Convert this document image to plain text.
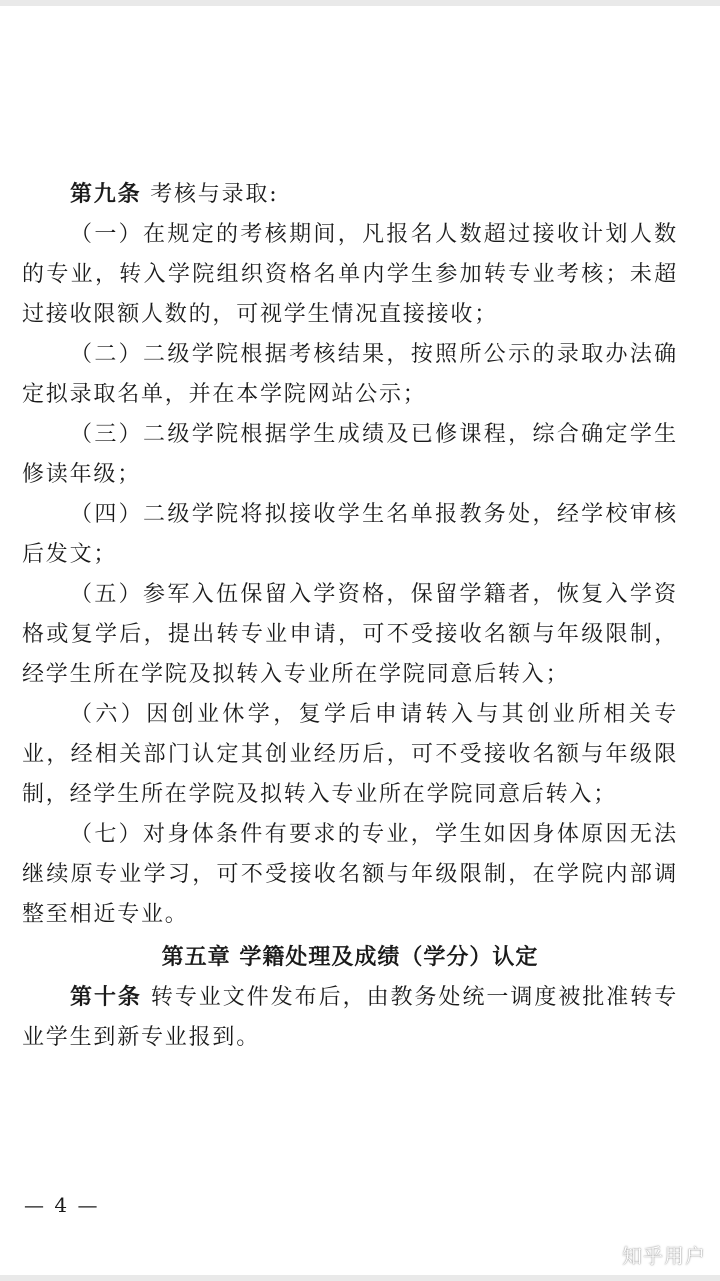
第九条 考核与录取:

（一）在规定的考核期间，凡报名人数超过接收计划人数的专业，转入学院组织资格名单内学生参加转专业考核；未超过接收限额人数的，可视学生情况直接接收；

（二）二级学院根据考核结果，按照所公示的录取办法确定拟录取名单，并在本学院网站公示；

（三）二级学院根据学生成绩及已修课程，综合确定学生修读年级；

（四）二级学院将拟接收学生名单报教务处，经学校审核后发文；

（五）参军入伍保留入学资格，保留学籍者，恢复入学资格或复学后，提出转专业申请，可不受接收名额与年级限制，经学生所在学院及拟转入专业所在学院同意后转入；

（六）因创业休学，复学后申请转入与其创业所相关专业，经相关部门认定其创业经历后，可不受接收名额与年级限制，经学生所在学院及拟转入专业所在学院同意后转入；

（七）对身体条件有要求的专业，学生如因身体原因无法继续原专业学习，可不受接收名额与年级限制，在学院内部调整至相近专业。

第五章 学籍处理及成绩（学分）认定

第十条 转专业文件发布后，由教务处统一调度被批准转专业学生到新专业报到。

— 4 —
知乎用户
